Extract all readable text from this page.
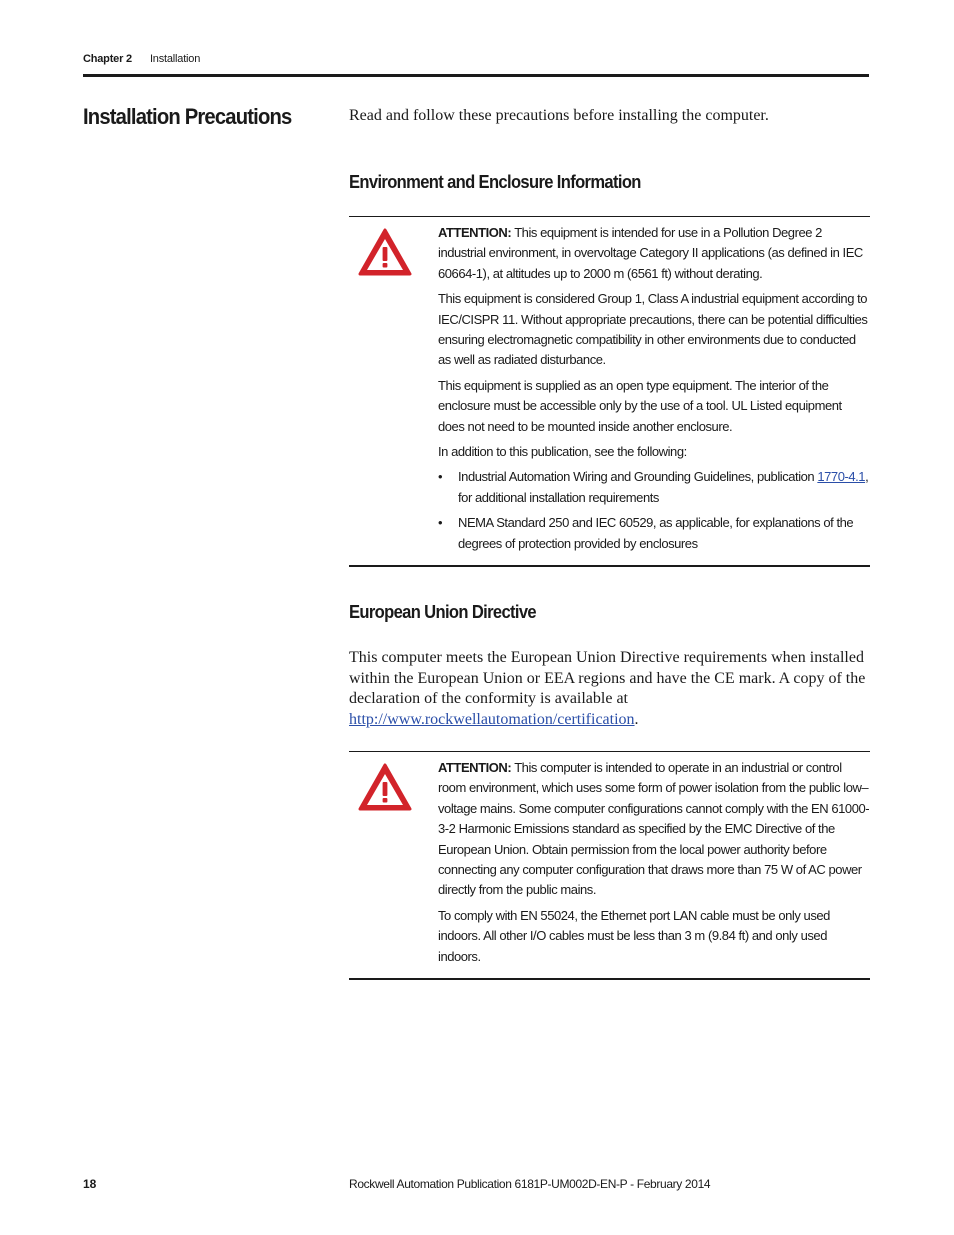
Chapter 2 Installation
Installation Precautions	Read and follow these precautions before installing the computer.
Environment and Enclosure Information

ATTENTION: This equipment is intended for use in a Pollution Degree 2 industrial environment, in overvoltage Category II applications (as defined in IEC 60664-1), at altitudes up to 2000 m (6561 ft) without derating.

This equipment is considered Group 1, Class A industrial equipment according to IEC/CISPR 11. Without appropriate precautions, there can be potential difficulties ensuring electromagnetic compatibility in other environments due to conducted as well as radiated disturbance.

This equipment is supplied as an open type equipment. The interior of the enclosure must be accessible only by the use of a tool. UL Listed equipment does not need to be mounted inside another enclosure.

In addition to this publication, see the following:

• Industrial Automation Wiring and Grounding Guidelines, publication 1770-4.1, for additional installation requirements
• NEMA Standard 250 and IEC 60529, as applicable, for explanations of the degrees of protection provided by enclosures
European Union Directive
This computer meets the European Union Directive requirements when installed within the European Union or EEA regions and have the CE mark. A copy of the declaration of the conformity is available at http://www.rockwellautomation/certification.

ATTENTION: This computer is intended to operate in an industrial or control room environment, which uses some form of power isolation from the public low–voltage mains. Some computer configurations cannot comply with the EN 61000-3-2 Harmonic Emissions standard as specified by the EMC Directive of the European Union. Obtain permission from the local power authority before connecting any computer configuration that draws more than 75 W of AC power directly from the public mains.

To comply with EN 55024, the Ethernet port LAN cable must be only used indoors. All other I/O cables must be less than 3 m (9.84 ft) and only used indoors.

18	Rockwell Automation Publication 6181P-UM002D-EN-P - February 2014
